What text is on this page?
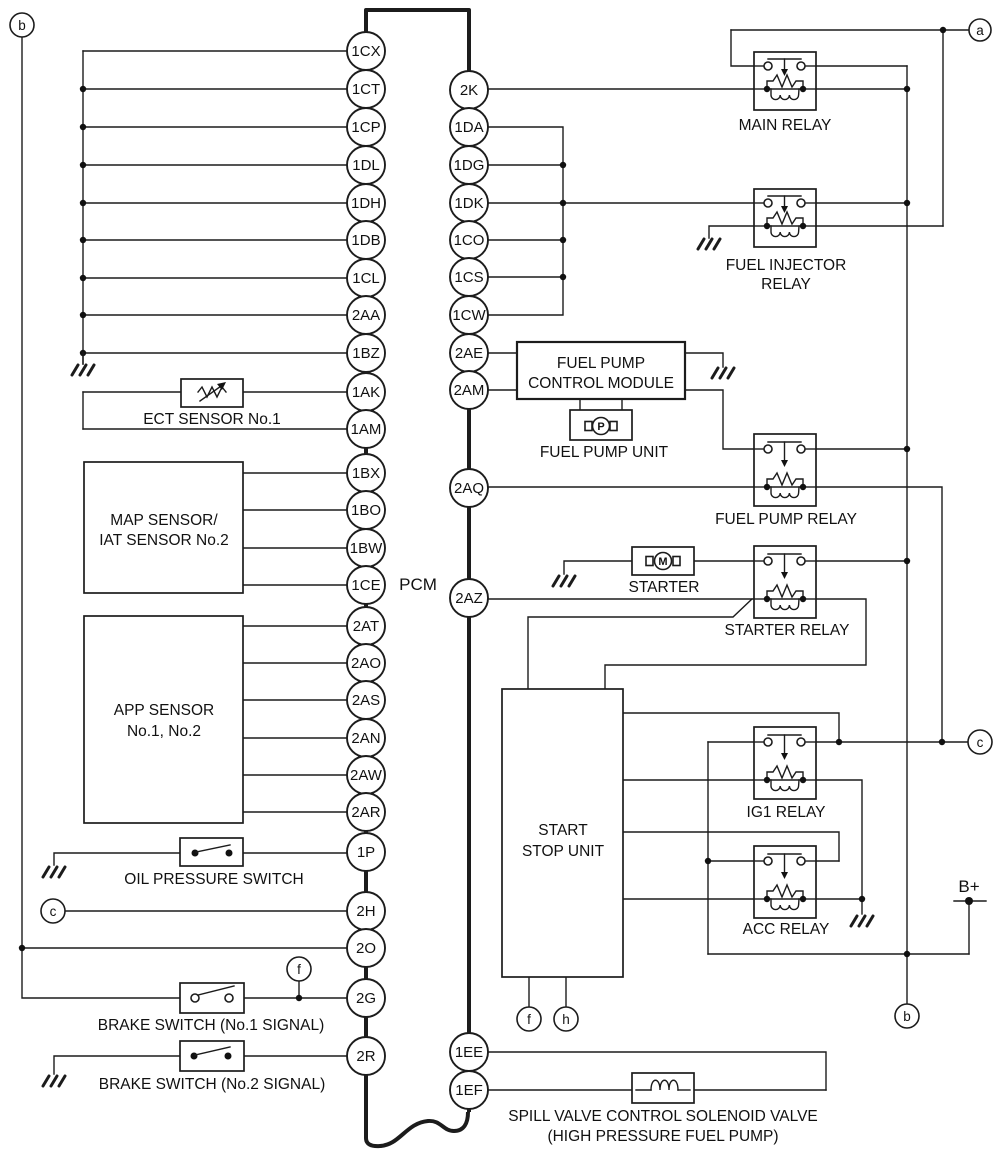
ECT SENSOR No.1
MAP SENSOR/
IAT SENSOR No.2
APP SENSOR
No.1, No.2
OIL PRESSURE SWITCH
BRAKE SWITCH (No.1 SIGNAL)
BRAKE SWITCH (No.2 SIGNAL)
FUEL PUMP
CONTROL MODULE
P
FUEL PUMP UNIT
M
STARTER
START
STOP UNIT
SPILL VALVE CONTROL SOLENOID VALVE
(HIGH PRESSURE FUEL PUMP)
MAIN RELAY
FUEL INJECTOR
RELAY
FUEL PUMP RELAY
STARTER RELAY
IG1 RELAY
ACC RELAY
1CX
1CT
1CP
1DL
1DH
1DB
1CL
2AA
1BZ
1AK
1AM
1BX
1BO
1BW
1CE
2AT
2AO
2AS
2AN
2AW
2AR
1P
2H
2O
2G
2R
2K
1DA
1DG
1DK
1CO
1CS
1CW
2AE
2AM
2AQ
2AZ
1EE
1EF
PCM
b	a
c
c
f
f h	b
B+
